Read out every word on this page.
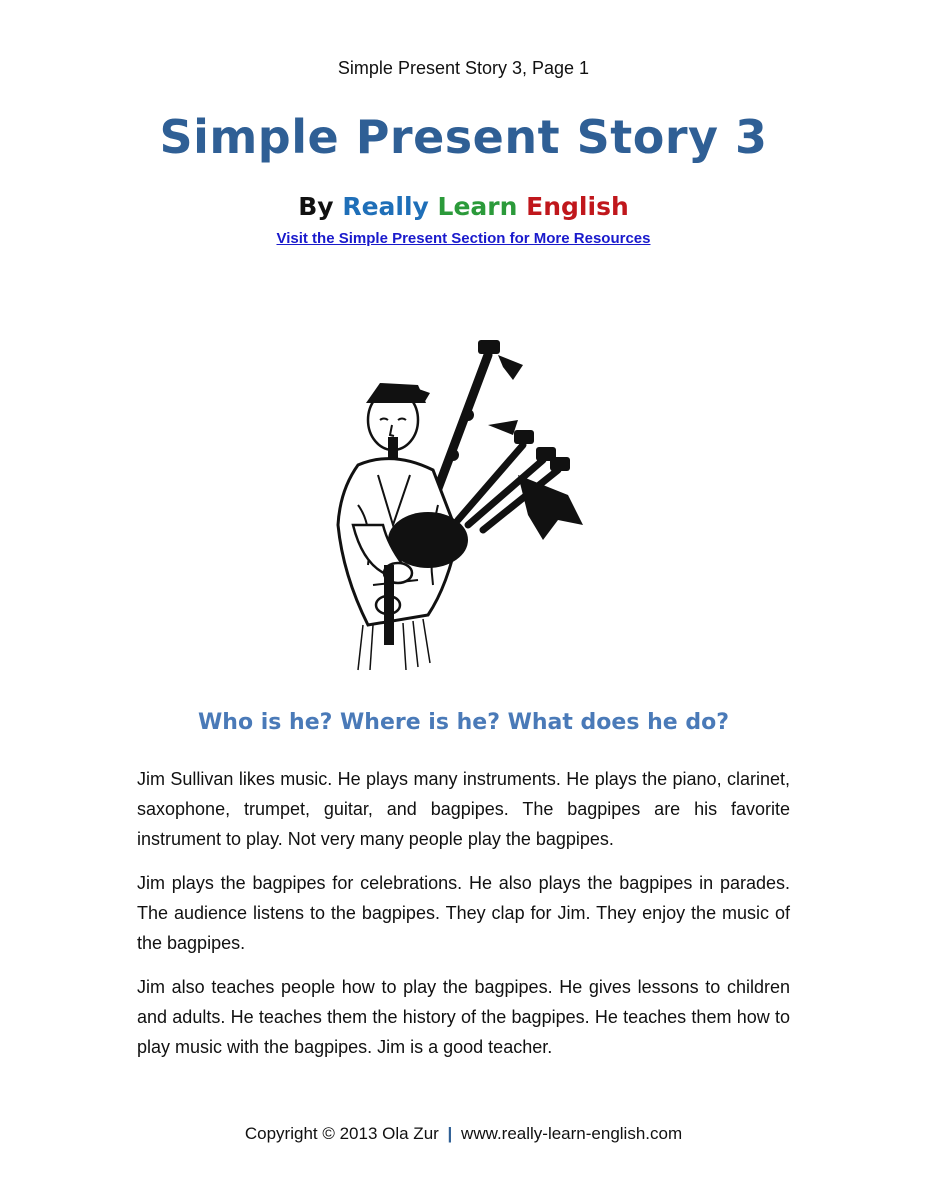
Simple Present Story 3, Page 1
Simple Present Story 3
By Really Learn English
Visit the Simple Present Section for More Resources
Who is he? Where is he? What does he do?

Jim Sullivan likes music. He plays many instruments. He plays the piano, clarinet, saxophone, trumpet, guitar, and bagpipes. The bagpipes are his favorite instrument to play. Not very many people play the bagpipes.

Jim plays the bagpipes for celebrations. He also plays the bagpipes in parades. The audience listens to the bagpipes. They clap for Jim. They enjoy the music of the bagpipes.

Jim also teaches people how to play the bagpipes. He gives lessons to children and adults. He teaches them the history of the bagpipes. He teaches them how to play music with the bagpipes. Jim is a good teacher.

Copyright © 2013 Ola Zur | www.really-learn-english.com
